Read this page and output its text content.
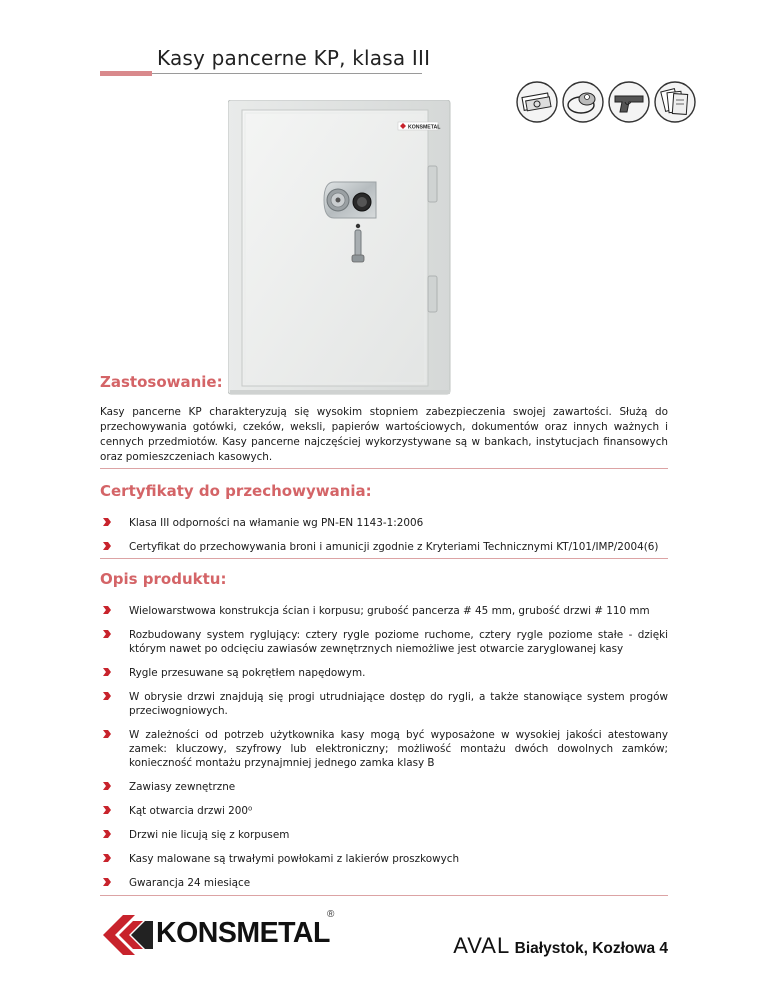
Kasy pancerne KP, klasa III
KONSMETAL
Zastosowanie:
Kasy pancerne KP charakteryzują się wysokim stopniem zabezpieczenia swojej zawartości. Służą do przechowywania gotówki, czeków, weksli, papierów wartościowych, dokumentów oraz innych ważnych i cennych przedmiotów. Kasy pancerne najczęściej wykorzystywane są w bankach, instytucjach finansowych oraz pomieszczeniach kasowych.
Certyfikaty do przechowywania:
Klasa III odporności na włamanie wg PN-EN 1143-1:2006
Certyfikat do przechowywania broni i amunicji zgodnie z Kryteriami Technicznymi KT/101/IMP/2004(6)
Opis produktu:
Wielowarstwowa konstrukcja ścian i korpusu; grubość pancerza # 45 mm, grubość drzwi # 110 mm
Rozbudowany system ryglujący: cztery rygle poziome ruchome, cztery rygle poziome stałe - dzięki którym nawet po odcięciu zawiasów zewnętrznych niemożliwe jest otwarcie zaryglowanej kasy
Rygle przesuwane są pokrętłem napędowym.
W obrysie drzwi znajdują się progi utrudniające dostęp do rygli, a także stanowiące system progów przeciwogniowych.
W zależności od potrzeb użytkownika kasy mogą być wyposażone w wysokiej jakości atestowany zamek: kluczowy, szyfrowy lub elektroniczny; możliwość montażu dwóch dowolnych zamków; konieczność montażu przynajmniej jednego zamka klasy B
Zawiasy zewnętrzne
Kąt otwarcia drzwi 200⁰
Drzwi nie licują się z korpusem
Kasy malowane są trwałymi powłokami z lakierów proszkowych
Gwarancja 24 miesiące
KONSMETAL
®
AVAL Białystok, Kozłowa 4
